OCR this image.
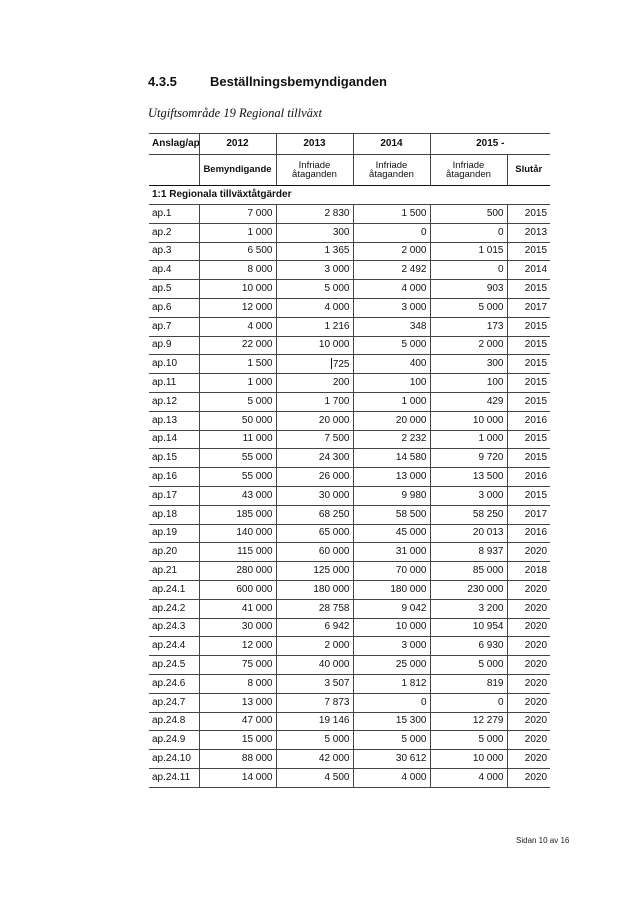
4.3.5	Beställningsbemyndiganden
Utgiftsområde 19 Regional tillväxt
Anslag/ap	2012	2013	2014	2015 -	
	Bemyndigande	Infriade åtaganden	Infriade åtaganden	Infriade åtaganden	Slutår
1:1 Regionala tillväxtåtgärder					
ap.1	7 000	2 830	1 500	500	2015
ap.2	1 000	300	0	0	2013
ap.3	6 500	1 365	2 000	1 015	2015
ap.4	8 000	3 000	2 492	0	2014
ap.5	10 000	5 000	4 000	903	2015
ap.6	12 000	4 000	3 000	5 000	2017
ap.7	4 000	1 216	348	173	2015
ap.9	22 000	10 000	5 000	2 000	2015
ap.10	1 500	725	400	300	2015
ap.11	1 000	200	100	100	2015
ap.12	5 000	1 700	1 000	429	2015
ap.13	50 000	20 000	20 000	10 000	2016
ap.14	11 000	7 500	2 232	1 000	2015
ap.15	55 000	24 300	14 580	9 720	2015
ap.16	55 000	26 000	13 000	13 500	2016
ap.17	43 000	30 000	9 980	3 000	2015
ap.18	185 000	68 250	58 500	58 250	2017
ap.19	140 000	65 000	45 000	20 013	2016
ap.20	115 000	60 000	31 000	8 937	2020
ap.21	280 000	125 000	70 000	85 000	2018
ap.24.1	600 000	180 000	180 000	230 000	2020
ap.24.2	41 000	28 758	9 042	3 200	2020
ap.24.3	30 000	6 942	10 000	10 954	2020
ap.24.4	12 000	2 000	3 000	6 930	2020
ap.24.5	75 000	40 000	25 000	5 000	2020
ap.24.6	8 000	3 507	1 812	819	2020
ap.24.7	13 000	7 873	0	0	2020
ap.24.8	47 000	19 146	15 300	12 279	2020
ap.24.9	15 000	5 000	5 000	5 000	2020
ap.24.10	88 000	42 000	30 612	10 000	2020
ap.24.11	14 000	4 500	4 000	4 000	2020
Sidan 10 av 16
